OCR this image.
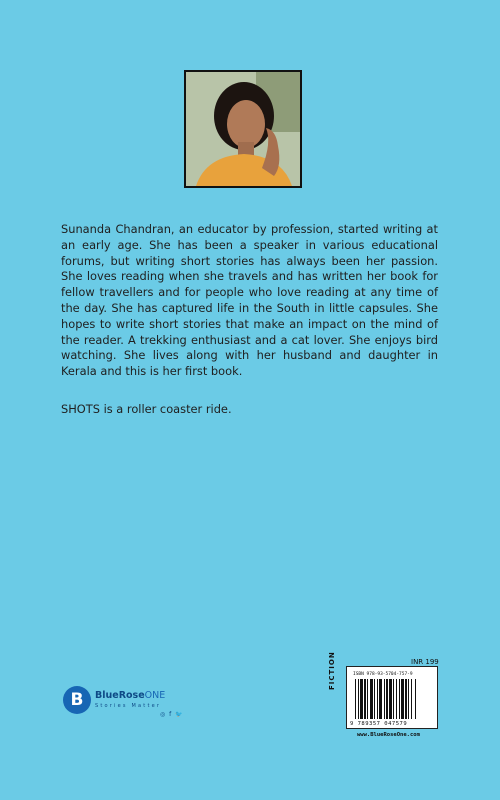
Sunanda Chandran, an educator by profession, started writing at an early age. She has been a speaker in various educational forums, but writing short stories has always been her passion. She loves reading when she travels and has written her book for fellow travellers and for people who love reading at any time of the day. She has captured life in the South in little capsules. She hopes to write short stories that make an impact on the mind of the reader. A trekking enthusiast and a cat lover. She enjoys bird watching. She lives along with her husband and daughter in Kerala and this is her first book.

SHOTS is a roller coaster ride.

B	BlueRoseONE
Stories Matter
◎ f 🐦
INR 199
FICTION	ISBN 978-93-5704-757-9
9 789357 047579
www.BlueRoseOne.com
